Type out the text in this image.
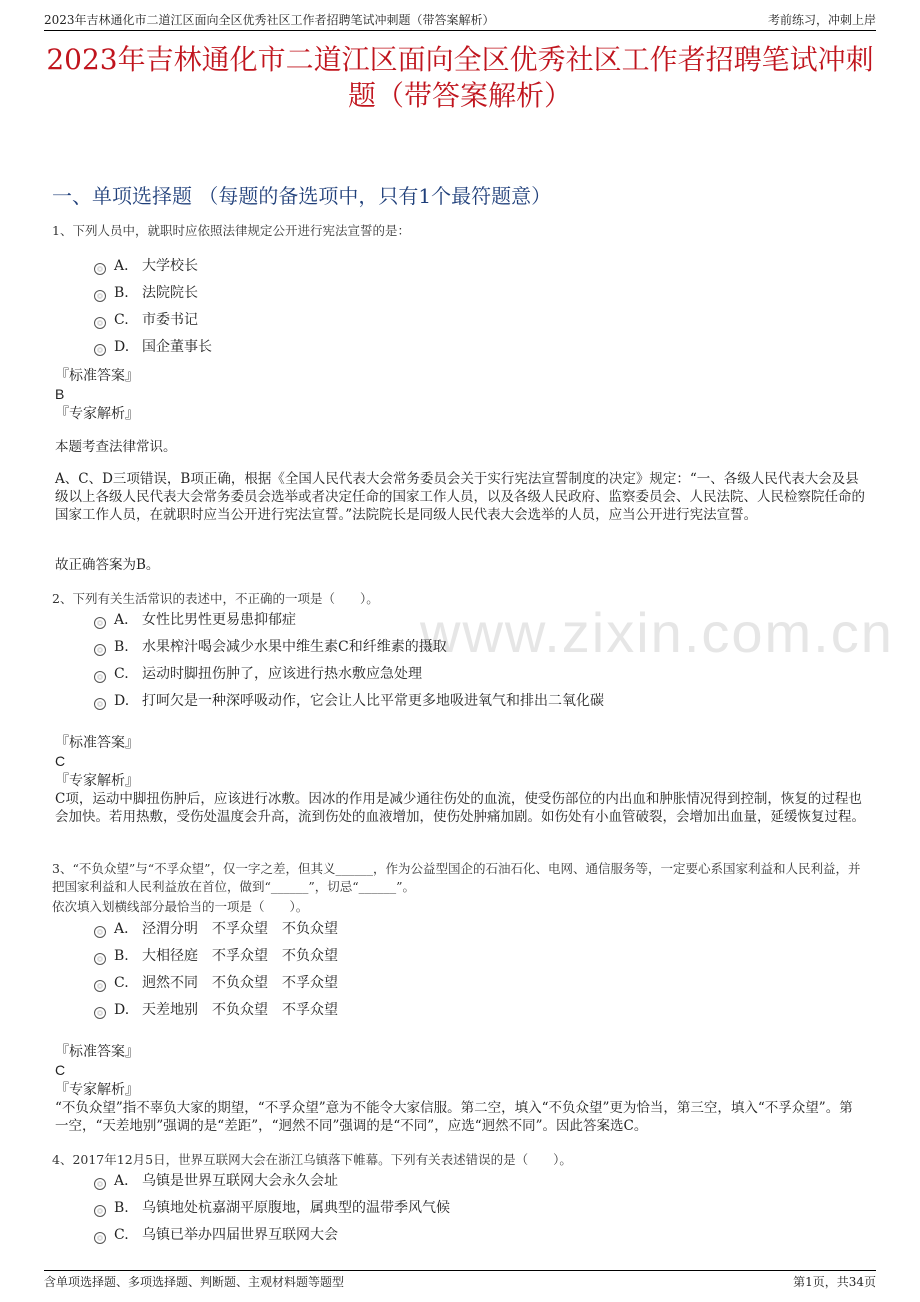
2023年吉林通化市二道江区面向全区优秀社区工作者招聘笔试冲刺题（带答案解析）	考前练习，冲刺上岸
2023年吉林通化市二道江区面向全区优秀社区工作者招聘笔试冲刺题（带答案解析）
一、单项选择题 （每题的备选项中，只有1个最符题意）
www.zixin.com.cn
1、下列人员中，就职时应依照法律规定公开进行宪法宣誓的是：
A． 大学校长
B. 法院院长
C. 市委书记
D. 国企董事长
『标准答案』
B
『专家解析』
本题考查法律常识。
A、C、D三项错误，B项正确，根据《全国人民代表大会常务委员会关于实行宪法宣誓制度的决定》规定：“一、各级人民代表大会及县级以上各级人民代表大会常务委员会选举或者决定任命的国家工作人员，以及各级人民政府、监察委员会、人民法院、人民检察院任命的国家工作人员，在就职时应当公开进行宪法宣誓。”法院院长是同级人民代表大会选举的人员，应当公开进行宪法宣誓。
故正确答案为B。
2、下列有关生活常识的表述中，不正确的一项是（　　）。
A． 女性比男性更易患抑郁症
B. 水果榨汁喝会减少水果中维生素C和纤维素的摄取
C. 运动时脚扭伤肿了，应该进行热水敷应急处理
D. 打呵欠是一种深呼吸动作，它会让人比平常更多地吸进氧气和排出二氧化碳
『标准答案』
C
『专家解析』
C项，运动中脚扭伤肿后，应该进行冰敷。因冰的作用是减少通往伤处的血流，使受伤部位的内出血和肿胀情况得到控制，恢复的过程也会加快。若用热敷，受伤处温度会升高，流到伤处的血液增加，使伤处肿痛加剧。如伤处有小血管破裂，会增加出血量，延缓恢复过程。
3、“不负众望”与“不孚众望”，仅一字之差，但其义______，作为公益型国企的石油石化、电网、通信服务等，一定要心系国家利益和人民利益，并把国家利益和人民利益放在首位，做到“______”，切忌“______”。
依次填入划横线部分最恰当的一项是（　　）。
A． 泾渭分明　不孚众望　不负众望
B. 大相径庭　不孚众望　不负众望
C. 迥然不同　不负众望　不孚众望
D. 天差地别　不负众望　不孚众望
『标准答案』
C
『专家解析』
“不负众望”指不辜负大家的期望，“不孚众望”意为不能令大家信服。第二空，填入“不负众望”更为恰当，第三空，填入“不孚众望”。第一空，“天差地别”强调的是“差距”，“迥然不同”强调的是“不同”，应选“迥然不同”。因此答案选C。
4、2017年12月5日，世界互联网大会在浙江乌镇落下帷幕。下列有关表述错误的是（　　）。
A． 乌镇是世界互联网大会永久会址
B. 乌镇地处杭嘉湖平原腹地，属典型的温带季风气候
C. 乌镇已举办四届世界互联网大会
含单项选择题、多项选择题、判断题、主观材料题等题型	第1页，共34页
